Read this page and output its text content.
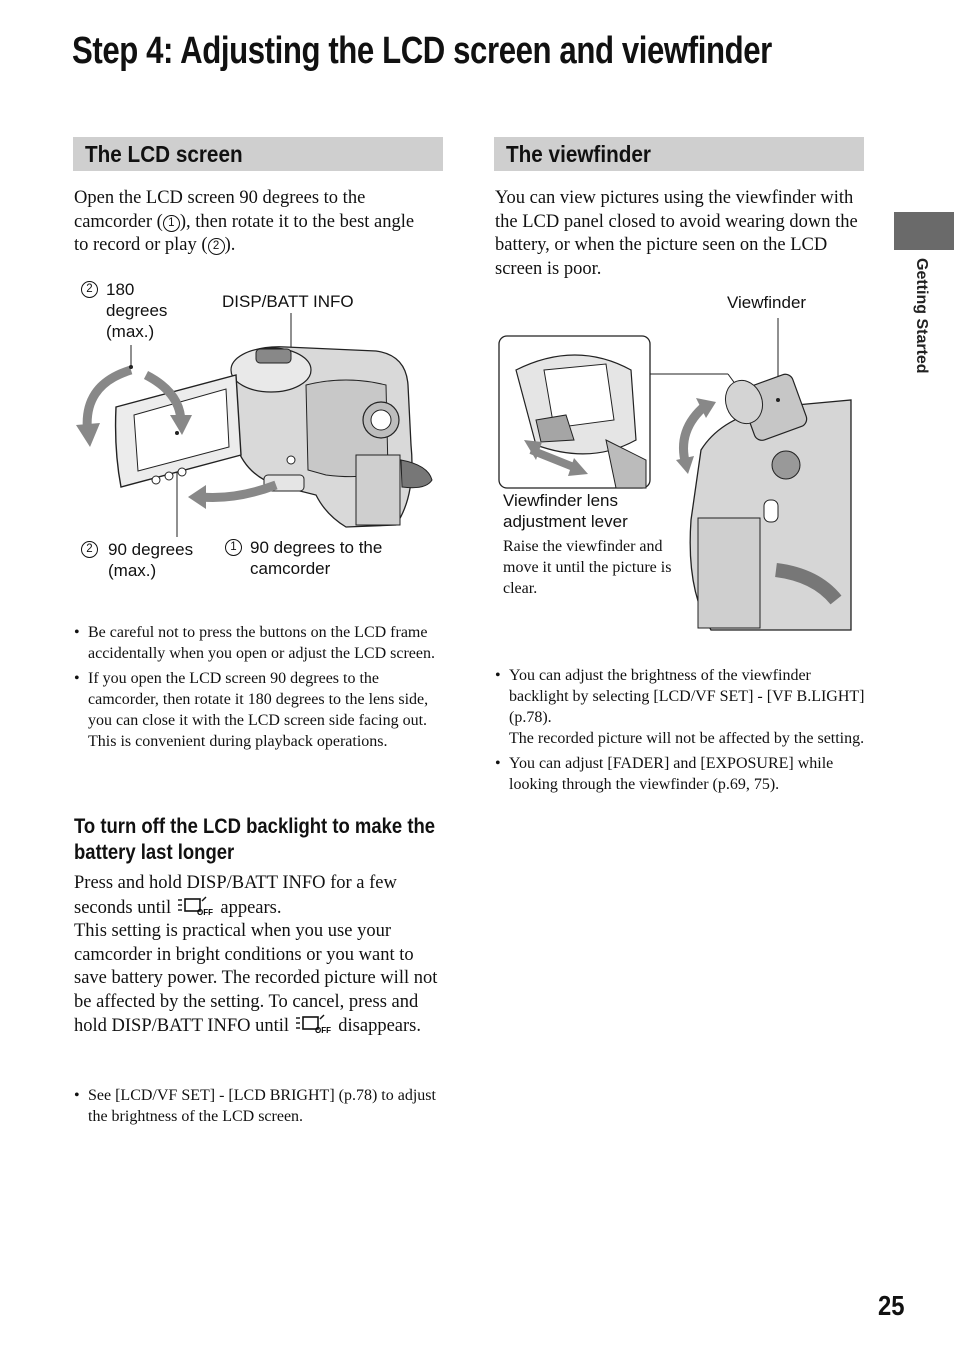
Step 4: Adjusting the LCD screen and viewfinder
Getting Started
The LCD screen
Open the LCD screen 90 degrees to the
camcorder ( 1 ), then rotate it to the best angle
to record or play ( 2 ).
2 180
degrees
(max.)
DISP/BATT INFO
2 90 degrees
(max.)
1 90 degrees to the
camcorder
• Be careful not to press the buttons on the LCD frame accidentally when you open or adjust the LCD screen.
• If you open the LCD screen 90 degrees to the camcorder, then rotate it 180 degrees to the lens side, you can close it with the LCD screen side facing out. This is convenient during playback operations.
To turn off the LCD backlight to make the battery last longer
Press and hold DISP/BATT INFO for a few seconds until	OFF appears.
This setting is practical when you use your camcorder in bright conditions or you want to save battery power. The recorded picture will not be affected by the setting. To cancel, press and hold DISP/BATT INFO until	OFF disappears.
• See [LCD/VF SET] - [LCD BRIGHT] (p.78) to adjust the brightness of the LCD screen.
The viewfinder
You can view pictures using the viewfinder with the LCD panel closed to avoid wearing down the battery, or when the picture seen on the LCD screen is poor.
Viewfinder
Viewfinder lens
adjustment lever
Raise the viewfinder and move it until the picture is clear.
• You can adjust the brightness of the viewfinder backlight by selecting [LCD/VF SET] - [VF B.LIGHT] (p.78).
The recorded picture will not be affected by the setting.
• You can adjust [FADER] and [EXPOSURE] while looking through the viewfinder (p.69, 75).
25
